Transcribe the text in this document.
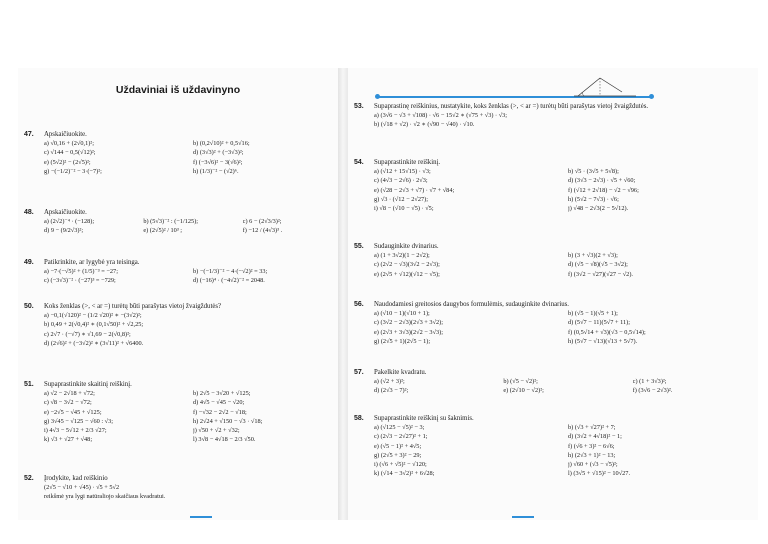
Uždaviniai iš uždavinyno
47. Apskaičiuokite.
a) √0,16 + (2√0,1)²;	b) (0,2√10)² + 0,5√16;
c) √144 − 0,5(√12)²;	d) (3√3)² + (−3√3)²;
e) (5√2)² − (2√5)²;	f) (−3√6)² − 3(√6)²;
g) −(−1/2)⁻² − 3·(−7)²;	h) (1/3)⁻² − (√2)⁶.
48. Apskaičiuokite.
a) (2√2)⁻⁴ · (−128);	b) (5√3)⁻² : (−1/125);	c) 6 − (2√3/3)²;
d) 9 − (9/2√3)²;	e) (2√5)² / 10³ ;	f) −12 / (4√3)³ .
49. Patikrinkite, ar lygybė yra teisinga.
a) −7·(−√5)² + (1/5)⁻³ = −27;	b) −(−1/3)⁻² − 4·(−√2)² = 33;
c) (−3√3)⁻² · (−27)³ = −729;	d) (−16)⁴ · (−4√2)⁻² = 2048.
50. Koks ženklas (>, < ar =) turėtų būti parašytas vietoj žvaigždutės?
a) −0,1(√120)² − (1/2 √20)² ∗ −(3√2)²;
b) 0,49 + 2(√0,4)² ∗ (0,1√50)² + √2,25;
c) 2√7 · (−√7) ∗ √1,69 − 2(√0,8)²;
d) (2√6)² + (−3√2)² ∗ (3√11)² + √6400.
51. Supaprastinkite skaitinį reiškinį.
a) √2 − 2√18 + √72;	b) 2√5 − 3√20 + √125;
c) √8 − 3√2 − √72;	d) 4√5 − √45 − √20;
e) −2√5 − √45 + √125;	f) −√32 − 2√2 − √18;
g) 3√45 − √125 − √60 : √3;	h) 2√24 + √150 − √3 · √18;
i) 4√3 − 5√12 + 2/3 √27;	j) √50 + √2 + √32;
k) √3 + √27 + √48;	l) 3√8 − 4√18 − 2/3 √50.
52. Įrodykite, kad reiškinio
(2√5 − √10 + √45) · √5 + 5√2
reikšmė yra lygi natūraliojo skaičiaus kvadratui.
53. Supaprastinę reiškinius, nustatykite, koks ženklas (>, < ar =) turėtų būti parašytas vietoj žvaigždutės.
a) (3√6 − √3 + √108) · √6 − 15√2 ∗ (√75 + √3) · √3;
b) (√18 + √2) · √2 ∗ (√90 − √40) · √10.
54. Supaprastinkite reiškinį.
a) (√12 + 15√15) · √3;	b) √5 · (3√5 + 5√8);
c) (4√3 − 2√6) · 2√3;	d) (3√3 − 2√3) · √5 + √60;
e) (√28 − 2√3 + √7) · √7 + √84;	f) (√12 + 2√18) − √2 − √96;
g) √3 · (√12 − 2√27);	h) (5√2 − 7√3) · √6;
i) √8 − (√10 − √5) · √5;	j) √48 − 2√3(2 − 5√12).
55. Sudauginkite dvinarius.
a) (1 + 3√2)(1 − 2√2);	b) (3 + √3)(2 + √3);
c) (2√2 − √3)(3√2 − 2√3);	d) (√5 − √8)(√5 − 3√2);
e) (2√5 + √12)(√12 − √5);	f) (3√2 − √27)(√27 − √2).
56. Naudodamiesi greitosios daugybos formulėmis, sudauginkite dvinarius.
a) (√10 − 1)(√10 + 1);	b) (√5 − 1)(√5 + 1);
c) (3√2 − 2√3)(2√3 + 3√2);	d) (5√7 − 11)(5√7 + 11);
e) (2√3 + 3√3)(2√2 − 3√3);	f) (0,5√14 + √3)(√3 − 0,5√14);
g) (2√5 + 1)(2√5 − 1);	h) (5√7 − √13)(√13 + 5√7).
57. Pakelkite kvadratu.
a) (√2 + 3)²;	b) (√5 − √2)²;	c) (1 + 3√3)²;
d) (2√3 − 7)²;	e) (2√10 − √2)²;	f) (3√6 − 2√3)².
58. Supaprastinkite reiškinį su šaknimis.
a) (√125 − √5)² − 3;	b) (√3 + √27)² + 7;
c) (2√3 − 2√27)² + 1;	d) (3√2 + 4√18)² − 1;
e) (√5 − 1)² + 4√5;	f) (√6 + 3)² − 6√6;
g) (2√5 + 3)² − 29;	h) (2√3 + 1)² − 13;
i) (√6 + √5)² − √120;	j) √60 + (√3 − √5)²;
k) (√14 − 3√2)² + 6√28;	l) (3√5 + √15)² − 10√27.
